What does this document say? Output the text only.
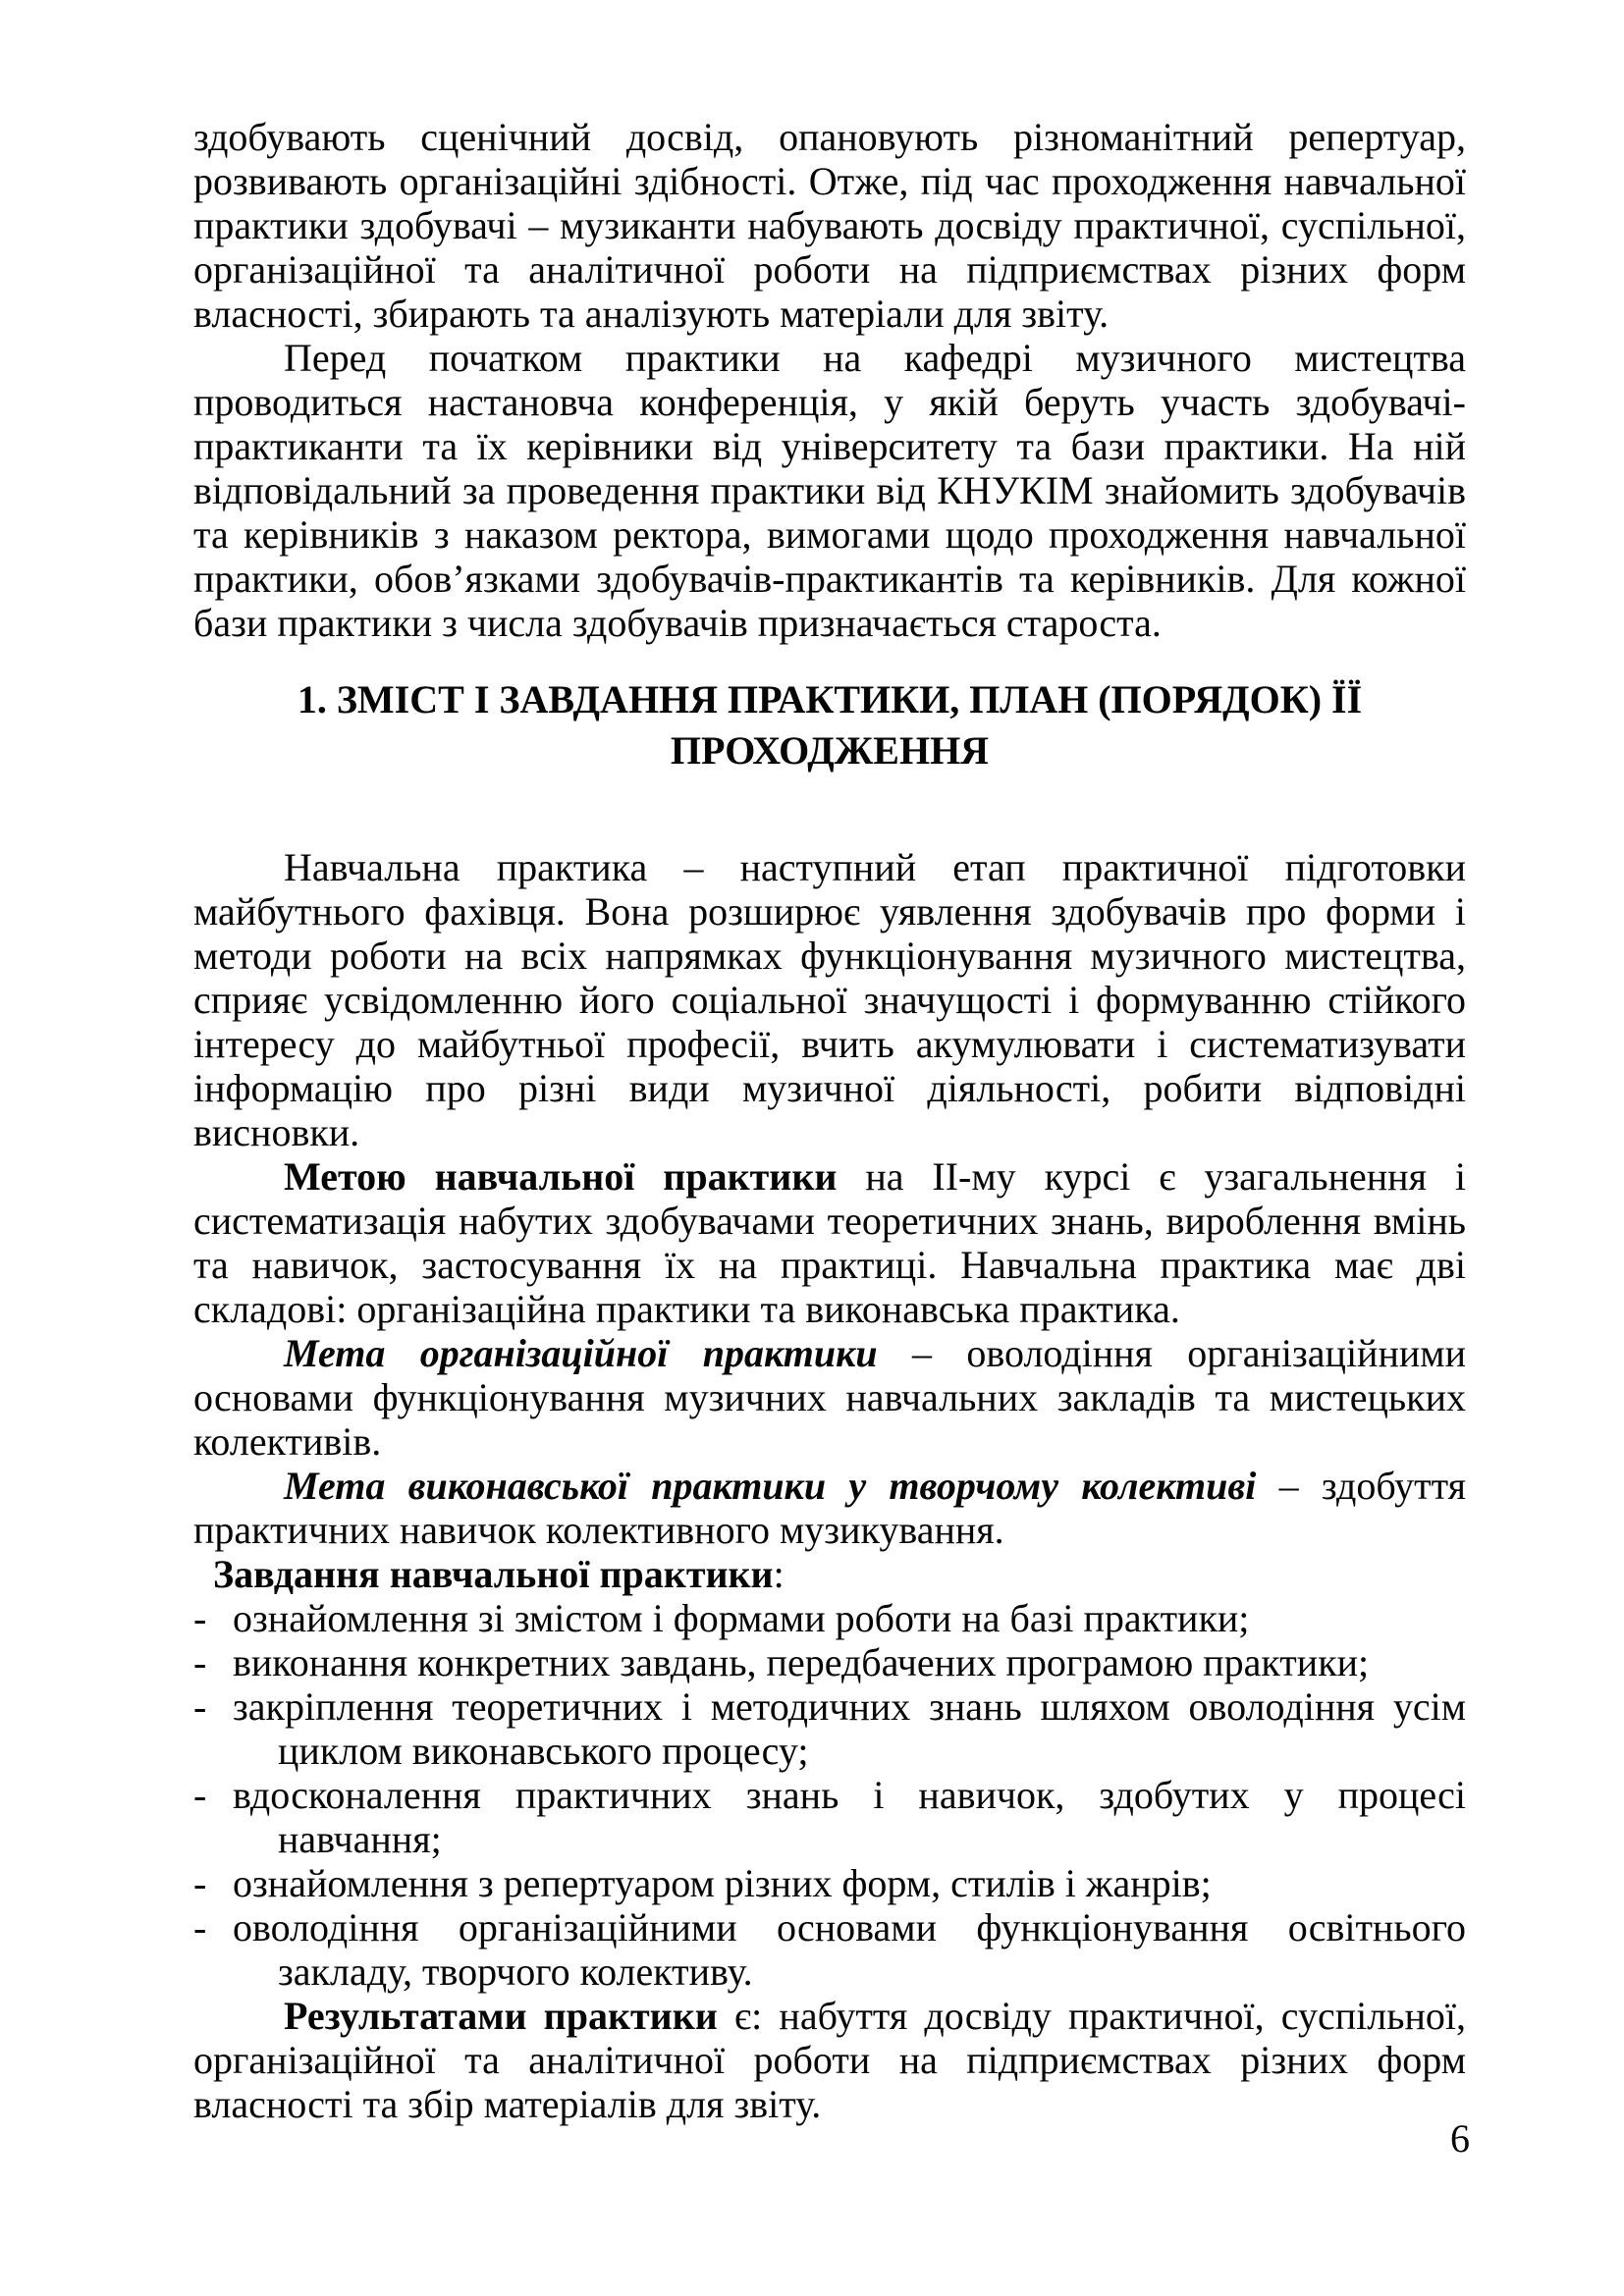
здобувають сценічний досвід, опановують різноманітний репертуар, розвивають організаційні здібності. Отже, під час проходження навчальної практики здобувачі – музиканти набувають досвіду практичної, суспільної, організаційної та аналітичної роботи на підприємствах різних форм власності, збирають та аналізують матеріали для звіту.

Перед початком практики на кафедрі музичного мистецтва проводиться настановча конференція, у якій беруть участь здобувачі-практиканти та їх керівники від університету та бази практики. На ній відповідальний за проведення практики від КНУКІМ знайомить здобувачів та керівників з наказом ректора, вимогами щодо проходження навчальної практики, обов’язками здобувачів-практикантів та керівників. Для кожної бази практики з числа здобувачів призначається староста.

1. ЗМІСТ І ЗАВДАННЯ ПРАКТИКИ, ПЛАН (ПОРЯДОК) ЇЇ
ПРОХОДЖЕННЯ

Навчальна практика – наступний етап практичної підготовки майбутнього фахівця. Вона розширює уявлення здобувачів про форми і методи роботи на всіх напрямках функціонування музичного мистецтва, сприяє усвідомленню його соціальної значущості і формуванню стійкого інтересу до майбутньої професії, вчить акумулювати і систематизувати інформацію про різні види музичної діяльності, робити відповідні висновки.

Метою навчальної практики на ІІ-му курсі є узагальнення і систематизація набутих здобувачами теоретичних знань, вироблення вмінь та навичок, застосування їх на практиці. Навчальна практика має дві складові: організаційна практики та виконавська практика.

Мета організаційної практики – оволодіння організаційними основами функціонування музичних навчальних закладів та мистецьких колективів.

Мета виконавської практики у творчому колективі – здобуття практичних навичок колективного музикування.

Завдання навчальної практики:

- ознайомлення зі змістом і формами роботи на базі практики;
- виконання конкретних завдань, передбачених програмою практики;
- закріплення теоретичних і методичних знань шляхом оволодіння усім циклом виконавського процесу;
- вдосконалення практичних знань і навичок, здобутих у процесі навчання;
- ознайомлення з репертуаром різних форм, стилів і жанрів;
- оволодіння організаційними основами функціонування освітнього закладу, творчого колективу.

Результатами практики є: набуття досвіду практичної, суспільної, організаційної та аналітичної роботи на підприємствах різних форм власності та збір матеріалів для звіту.

6
